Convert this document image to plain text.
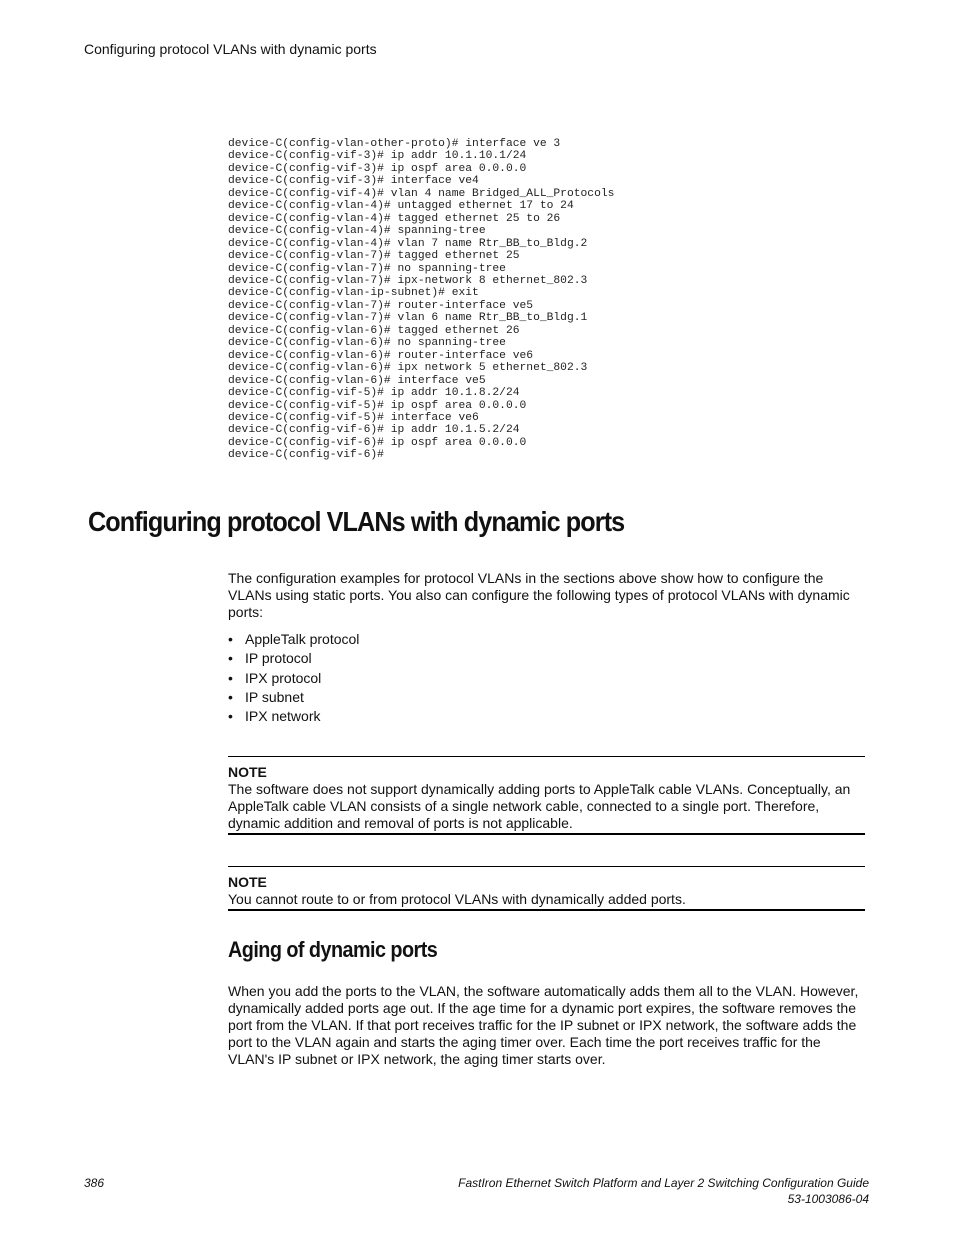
Configuring protocol VLANs with dynamic ports
device-C(config-vlan-other-proto)# interface ve 3
device-C(config-vif-3)# ip addr 10.1.10.1/24
device-C(config-vif-3)# ip ospf area 0.0.0.0
device-C(config-vif-3)# interface ve4
device-C(config-vif-4)# vlan 4 name Bridged_ALL_Protocols
device-C(config-vlan-4)# untagged ethernet 17 to 24
device-C(config-vlan-4)# tagged ethernet 25 to 26
device-C(config-vlan-4)# spanning-tree
device-C(config-vlan-4)# vlan 7 name Rtr_BB_to_Bldg.2
device-C(config-vlan-7)# tagged ethernet 25
device-C(config-vlan-7)# no spanning-tree
device-C(config-vlan-7)# ipx-network 8 ethernet_802.3
device-C(config-vlan-ip-subnet)# exit
device-C(config-vlan-7)# router-interface ve5
device-C(config-vlan-7)# vlan 6 name Rtr_BB_to_Bldg.1
device-C(config-vlan-6)# tagged ethernet 26
device-C(config-vlan-6)# no spanning-tree
device-C(config-vlan-6)# router-interface ve6
device-C(config-vlan-6)# ipx network 5 ethernet_802.3
device-C(config-vlan-6)# interface ve5
device-C(config-vif-5)# ip addr 10.1.8.2/24
device-C(config-vif-5)# ip ospf area 0.0.0.0
device-C(config-vif-5)# interface ve6
device-C(config-vif-6)# ip addr 10.1.5.2/24
device-C(config-vif-6)# ip ospf area 0.0.0.0
device-C(config-vif-6)#
Configuring protocol VLANs with dynamic ports

The configuration examples for protocol VLANs in the sections above show how to configure the VLANs using static ports. You also can configure the following types of protocol VLANs with dynamic ports:

• AppleTalk protocol
• IP protocol
• IPX protocol
• IP subnet
• IPX network
NOTE
The software does not support dynamically adding ports to AppleTalk cable VLANs. Conceptually, an AppleTalk cable VLAN consists of a single network cable, connected to a single port. Therefore, dynamic addition and removal of ports is not applicable.
NOTE
You cannot route to or from protocol VLANs with dynamically added ports.
Aging of dynamic ports

When you add the ports to the VLAN, the software automatically adds them all to the VLAN. However, dynamically added ports age out. If the age time for a dynamic port expires, the software removes the port from the VLAN. If that port receives traffic for the IP subnet or IPX network, the software adds the port to the VLAN again and starts the aging timer over. Each time the port receives traffic for the VLAN's IP subnet or IPX network, the aging timer starts over.

386	FastIron Ethernet Switch Platform and Layer 2 Switching Configuration Guide
53-1003086-04
